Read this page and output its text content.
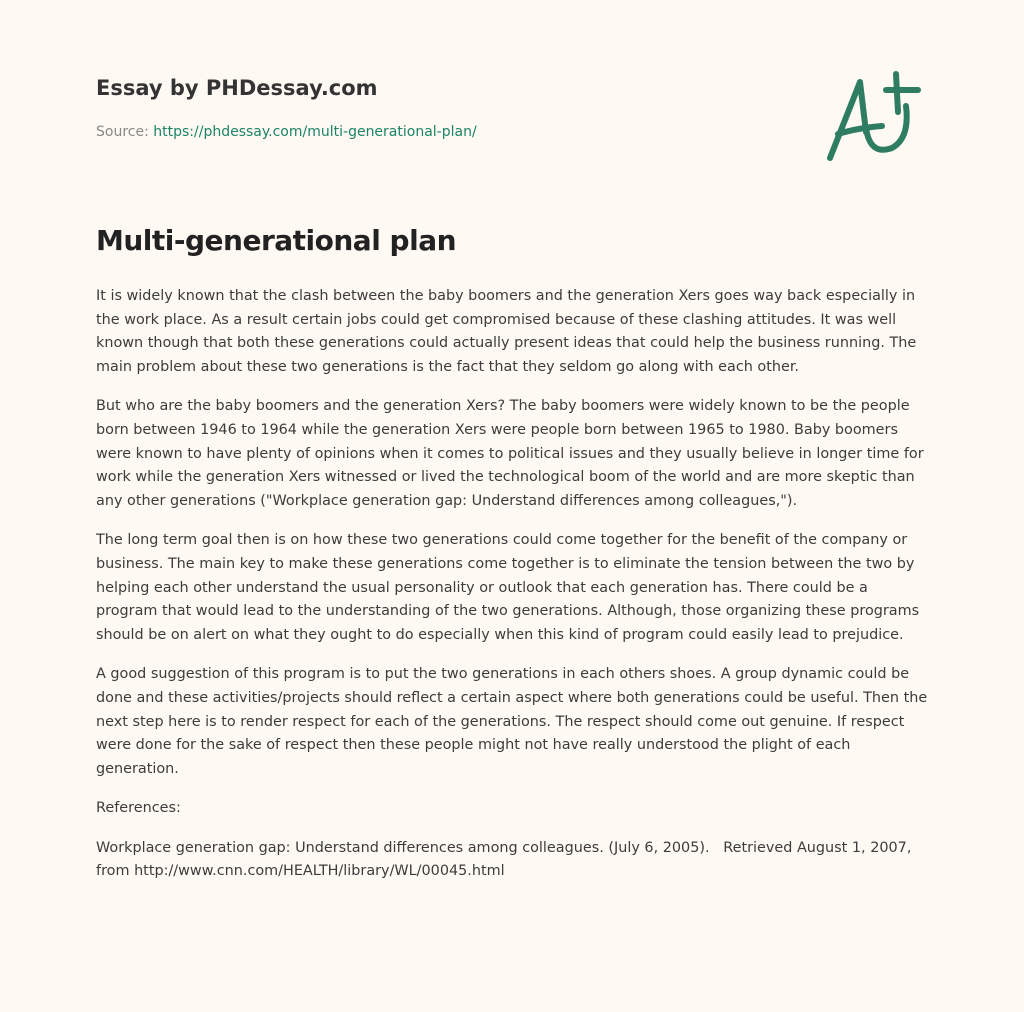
Essay by PHDessay.com
Source: https://phdessay.com/multi-generational-plan/
Multi-generational plan

It is widely known that the clash between the baby boomers and the generation Xers goes way back especially in the work place. As a result certain jobs could get compromised because of these clashing attitudes. It was well known though that both these generations could actually present ideas that could help the business running. The main problem about these two generations is the fact that they seldom go along with each other.

But who are the baby boomers and the generation Xers? The baby boomers were widely known to be the people born between 1946 to 1964 while the generation Xers were people born between 1965 to 1980. Baby boomers were known to have plenty of opinions when it comes to political issues and they usually believe in longer time for work while the generation Xers witnessed or lived the technological boom of the world and are more skeptic than any other generations ("Workplace generation gap: Understand differences among colleagues,").

The long term goal then is on how these two generations could come together for the benefit of the company or business. The main key to make these generations come together is to eliminate the tension between the two by helping each other understand the usual personality or outlook that each generation has. There could be a program that would lead to the understanding of the two generations. Although, those organizing these programs should be on alert on what they ought to do especially when this kind of program could easily lead to prejudice.

A good suggestion of this program is to put the two generations in each others shoes. A group dynamic could be done and these activities/projects should reflect a certain aspect where both generations could be useful. Then the next step here is to render respect for each of the generations. The respect should come out genuine. If respect were done for the sake of respect then these people might not have really understood the plight of each generation.

References:

Workplace generation gap: Understand differences among colleagues. (July 6, 2005).   Retrieved August 1, 2007, from http://www.cnn.com/HEALTH/library/WL/00045.html
